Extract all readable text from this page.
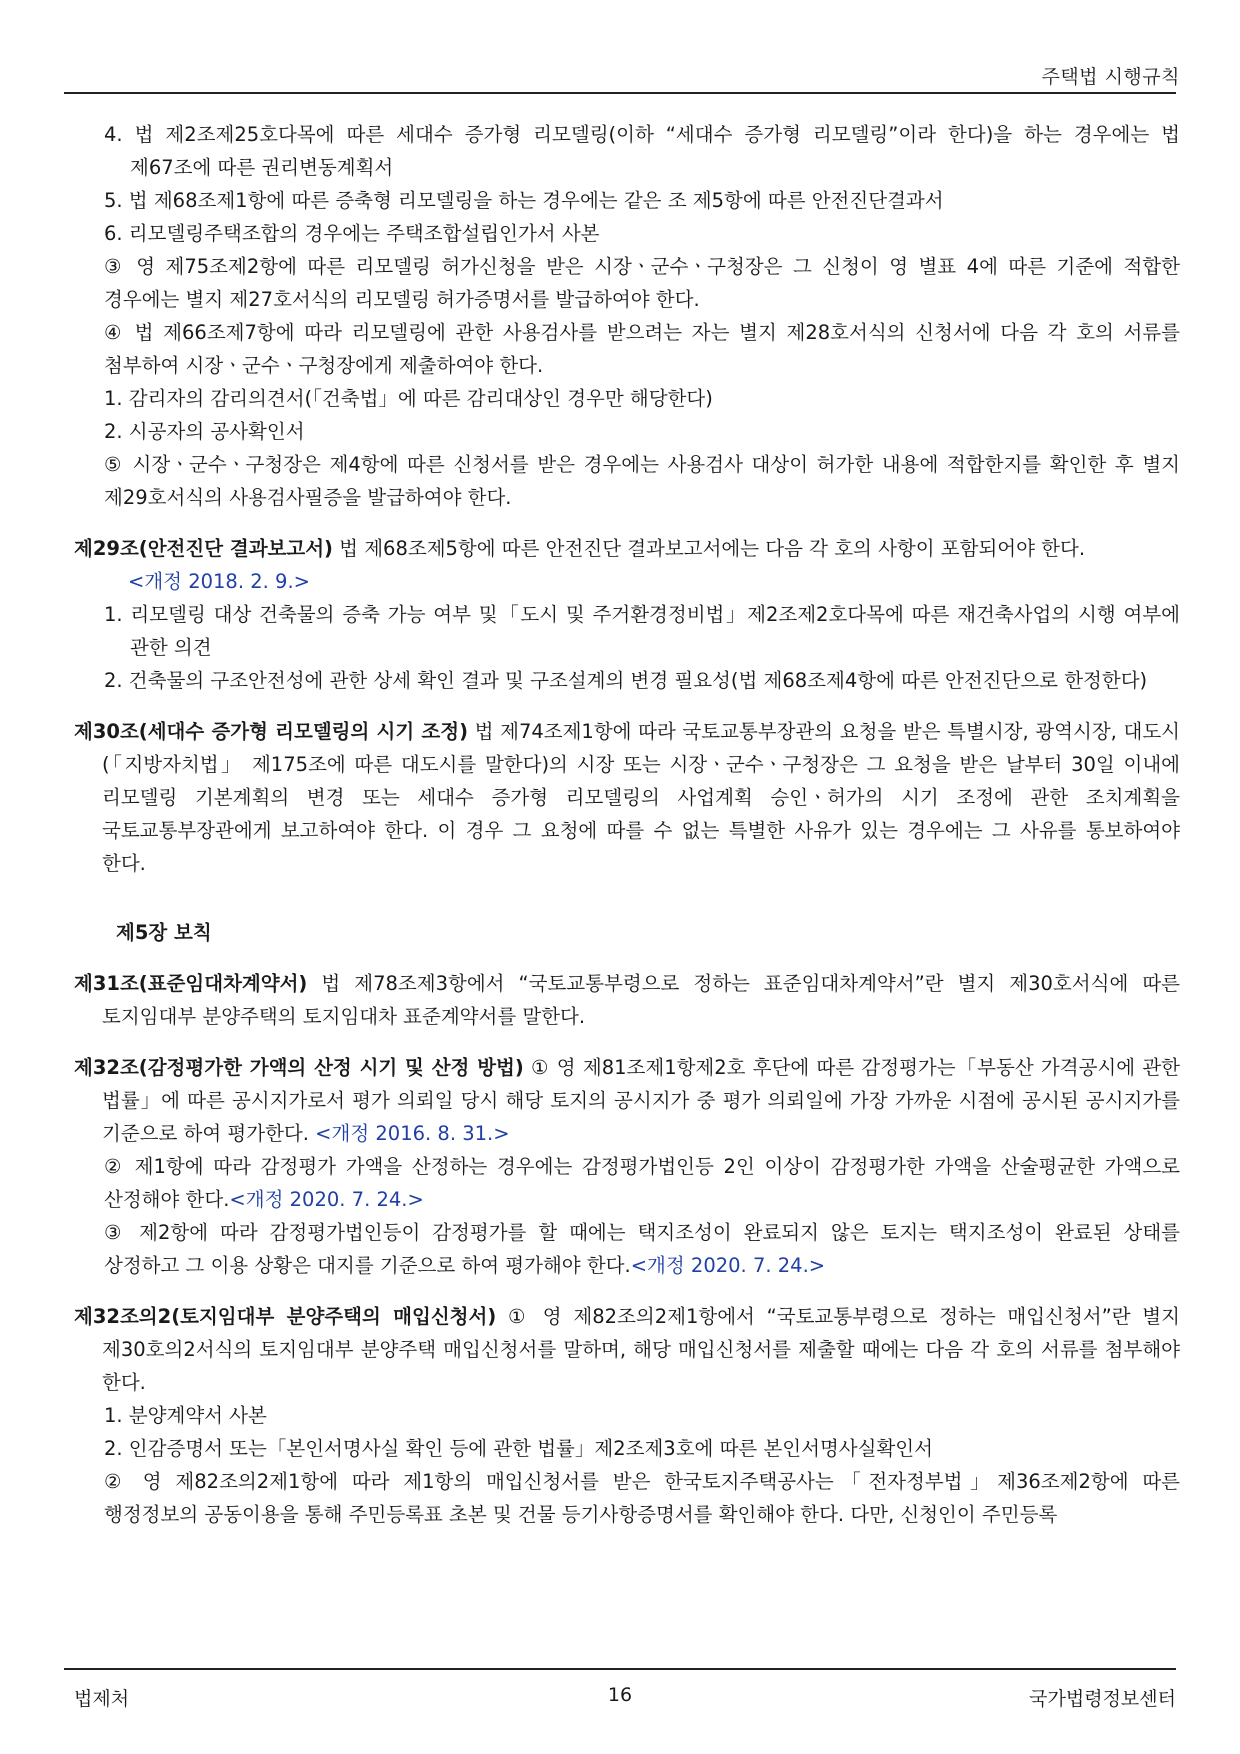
주택법 시행규칙
4. 법 제2조제25호다목에 따른 세대수 증가형 리모델링(이하 “세대수 증가형 리모델링”이라 한다)을 하는 경우에는 법 제67조에 따른 권리변동계획서
5. 법 제68조제1항에 따른 증축형 리모델링을 하는 경우에는 같은 조 제5항에 따른 안전진단결과서
6. 리모델링주택조합의 경우에는 주택조합설립인가서 사본
③ 영 제75조제2항에 따른 리모델링 허가신청을 받은 시장ㆍ군수ㆍ구청장은 그 신청이 영 별표 4에 따른 기준에 적합한 경우에는 별지 제27호서식의 리모델링 허가증명서를 발급하여야 한다.
④ 법 제66조제7항에 따라 리모델링에 관한 사용검사를 받으려는 자는 별지 제28호서식의 신청서에 다음 각 호의 서류를 첨부하여 시장ㆍ군수ㆍ구청장에게 제출하여야 한다.
1. 감리자의 감리의견서(「건축법」에 따른 감리대상인 경우만 해당한다)
2. 시공자의 공사확인서
⑤ 시장ㆍ군수ㆍ구청장은 제4항에 따른 신청서를 받은 경우에는 사용검사 대상이 허가한 내용에 적합한지를 확인한 후 별지 제29호서식의 사용검사필증을 발급하여야 한다.
제29조(안전진단 결과보고서) 법 제68조제5항에 따른 안전진단 결과보고서에는 다음 각 호의 사항이 포함되어야 한다.
<개정 2018. 2. 9.>
1. 리모델링 대상 건축물의 증축 가능 여부 및「도시 및 주거환경정비법」제2조제2호다목에 따른 재건축사업의 시행 여부에 관한 의견
2. 건축물의 구조안전성에 관한 상세 확인 결과 및 구조설계의 변경 필요성(법 제68조제4항에 따른 안전진단으로 한정한다)
제30조(세대수 증가형 리모델링의 시기 조정) 법 제74조제1항에 따라 국토교통부장관의 요청을 받은 특별시장, 광역시장, 대도시(「지방자치법」 제175조에 따른 대도시를 말한다)의 시장 또는 시장ㆍ군수ㆍ구청장은 그 요청을 받은 날부터 30일 이내에 리모델링 기본계획의 변경 또는 세대수 증가형 리모델링의 사업계획 승인ㆍ허가의 시기 조정에 관한 조치계획을 국토교통부장관에게 보고하여야 한다. 이 경우 그 요청에 따를 수 없는 특별한 사유가 있는 경우에는 그 사유를 통보하여야 한다.
제5장 보칙
제31조(표준임대차계약서) 법 제78조제3항에서 “국토교통부령으로 정하는 표준임대차계약서”란 별지 제30호서식에 따른 토지임대부 분양주택의 토지임대차 표준계약서를 말한다.
제32조(감정평가한 가액의 산정 시기 및 산정 방법) ① 영 제81조제1항제2호 후단에 따른 감정평가는「부동산 가격공시에 관한 법률」에 따른 공시지가로서 평가 의뢰일 당시 해당 토지의 공시지가 중 평가 의뢰일에 가장 가까운 시점에 공시된 공시지가를 기준으로 하여 평가한다. <개정 2016. 8. 31.>
② 제1항에 따라 감정평가 가액을 산정하는 경우에는 감정평가법인등 2인 이상이 감정평가한 가액을 산술평균한 가액으로 산정해야 한다.<개정 2020. 7. 24.>
③ 제2항에 따라 감정평가법인등이 감정평가를 할 때에는 택지조성이 완료되지 않은 토지는 택지조성이 완료된 상태를 상정하고 그 이용 상황은 대지를 기준으로 하여 평가해야 한다.<개정 2020. 7. 24.>
제32조의2(토지임대부 분양주택의 매입신청서) ① 영 제82조의2제1항에서 “국토교통부령으로 정하는 매입신청서”란 별지 제30호의2서식의 토지임대부 분양주택 매입신청서를 말하며, 해당 매입신청서를 제출할 때에는 다음 각 호의 서류를 첨부해야 한다.
1. 분양계약서 사본
2. 인감증명서 또는「본인서명사실 확인 등에 관한 법률」제2조제3호에 따른 본인서명사실확인서
② 영 제82조의2제1항에 따라 제1항의 매입신청서를 받은 한국토지주택공사는「전자정부법」제36조제2항에 따른 행정정보의 공동이용을 통해 주민등록표 초본 및 건물 등기사항증명서를 확인해야 한다. 다만, 신청인이 주민등록
법제처	16	국가법령정보센터
